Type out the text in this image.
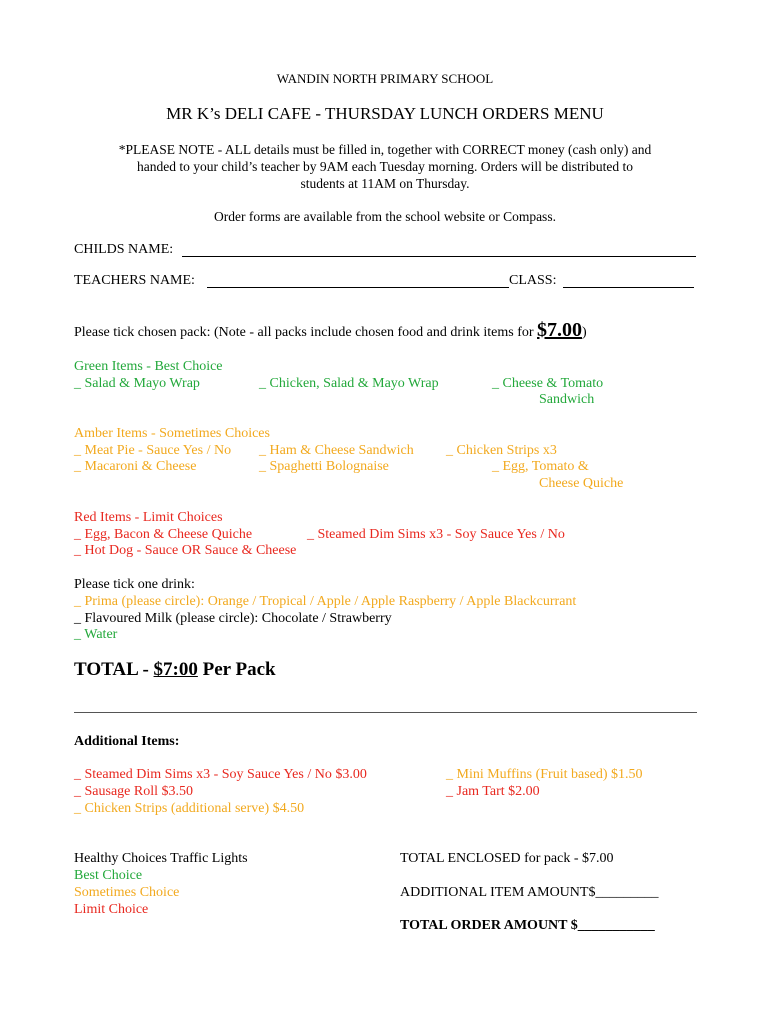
WANDIN NORTH PRIMARY SCHOOL
MR K’s DELI CAFE - THURSDAY LUNCH ORDERS MENU
*PLEASE NOTE - ALL details must be filled in, together with CORRECT money (cash only) and
handed to your child’s teacher by 9AM each Tuesday morning. Orders will be distributed to
students at 11AM on Thursday.
Order forms are available from the school website or Compass.
CHILDS NAME:
TEACHERS NAME:	CLASS:
Please tick chosen pack: (Note - all packs include chosen food and drink items for $7.00)
Green Items - Best Choice
_ Salad & Mayo Wrap	_ Chicken, Salad & Mayo Wrap	_ Cheese & Tomato
Sandwich
Amber Items - Sometimes Choices
_ Meat Pie - Sauce Yes / No _ Ham & Cheese Sandwich _ Chicken Strips x3
_ Macaroni & Cheese	_ Spaghetti Bolognaise	_ Egg, Tomato &
Cheese Quiche
Red Items - Limit Choices
_ Egg, Bacon & Cheese Quiche	_ Steamed Dim Sims x3 - Soy Sauce Yes / No
_ Hot Dog - Sauce OR Sauce & Cheese
Please tick one drink:
_ Prima (please circle): Orange / Tropical / Apple / Apple Raspberry / Apple Blackcurrant
_ Flavoured Milk (please circle): Chocolate / Strawberry
_ Water
TOTAL - $7:00 Per Pack
Additional Items:
_ Steamed Dim Sims x3 - Soy Sauce Yes / No $3.00
_ Sausage Roll $3.50
_ Chicken Strips (additional serve) $4.50
_ Mini Muffins (Fruit based) $1.50
_ Jam Tart $2.00
Healthy Choices Traffic Lights
Best Choice
Sometimes Choice
Limit Choice
TOTAL ENCLOSED for pack - $7.00
ADDITIONAL ITEM AMOUNT$_________
TOTAL ORDER AMOUNT $___________
